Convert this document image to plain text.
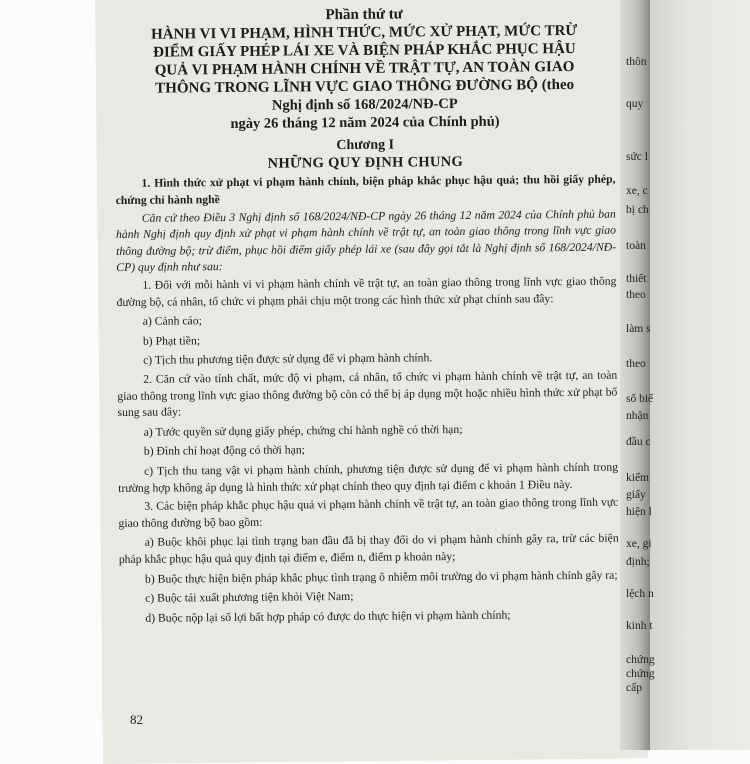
Phần thứ tư
HÀNH VI VI PHẠM, HÌNH THỨC, MỨC XỬ PHẠT, MỨC TRỪ
ĐIỂM GIẤY PHÉP LÁI XE VÀ BIỆN PHÁP KHẮC PHỤC HẬU
QUẢ VI PHẠM HÀNH CHÍNH VỀ TRẬT TỰ, AN TOÀN GIAO
THÔNG TRONG LĨNH VỰC GIAO THÔNG ĐƯỜNG BỘ (theo
Nghị định số 168/2024/NĐ-CP
ngày 26 tháng 12 năm 2024 của Chính phủ)
Chương I
NHỮNG QUY ĐỊNH CHUNG

1. Hình thức xử phạt vi phạm hành chính, biện pháp khắc phục hậu quả; thu hồi giấy phép, chứng chỉ hành nghề

Căn cứ theo Điều 3 Nghị định số 168/2024/NĐ-CP ngày 26 tháng 12 năm 2024 của Chính phủ ban hành Nghị định quy định xử phạt vi phạm hành chính về trật tự, an toàn giao thông trong lĩnh vực giao thông đường bộ; trừ điểm, phục hồi điểm giấy phép lái xe (sau đây gọi tắt là Nghị định số 168/2024/NĐ-CP) quy định như sau:

1. Đối với mỗi hành vi vi phạm hành chính về trật tự, an toàn giao thông trong lĩnh vực giao thông đường bộ, cá nhân, tổ chức vi phạm phải chịu một trong các hình thức xử phạt chính sau đây:

a) Cảnh cáo;

b) Phạt tiền;

c) Tịch thu phương tiện được sử dụng để vi phạm hành chính.

2. Căn cứ vào tính chất, mức độ vi phạm, cá nhân, tổ chức vi phạm hành chính về trật tự, an toàn giao thông trong lĩnh vực giao thông đường bộ còn có thể bị áp dụng một hoặc nhiều hình thức xử phạt bổ sung sau đây:

a) Tước quyền sử dụng giấy phép, chứng chỉ hành nghề có thời hạn;

b) Đình chỉ hoạt động có thời hạn;

c) Tịch thu tang vật vi phạm hành chính, phương tiện được sử dụng để vi phạm hành chính trong trường hợp không áp dụng là hình thức xử phạt chính theo quy định tại điểm c khoản 1 Điều này.

3. Các biện pháp khắc phục hậu quả vi phạm hành chính về trật tự, an toàn giao thông trong lĩnh vực giao thông đường bộ bao gồm:

a) Buộc khôi phục lại tình trạng ban đầu đã bị thay đổi do vi phạm hành chính gây ra, trừ các biện pháp khắc phục hậu quả quy định tại điểm e, điểm n, điểm p khoản này;

b) Buộc thực hiện biện pháp khắc phục tình trạng ô nhiễm môi trường do vi phạm hành chính gây ra;

c) Buộc tái xuất phương tiện khỏi Việt Nam;

d) Buộc nộp lại số lợi bất hợp pháp có được do thực hiện vi phạm hành chính;

82
thôn
quy
sức l
xe, c
bị ch
toàn
thiết
theo
làm s
theo
số biể
nhận
đầu c
kiểm
giấy
hiện l
xe, gi
định;
lệch n
kinh t
chứng
chứng
cấp
